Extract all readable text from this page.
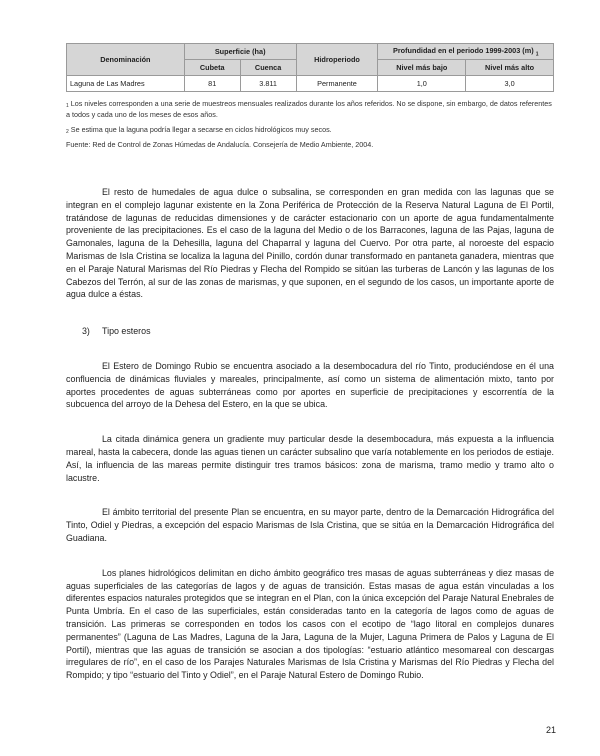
Denominación	Superficie (ha)		Hidroperiodo	Profundidad en el periodo 1999-2003 (m) $_1$
	Cubeta	Cuenca		Nivel más bajo	Nivel más alto
Laguna de Las Madres	81	3.811	Permanente	1,0	3,0

$_1$ Los niveles corresponden a una serie de muestreos mensuales realizados durante los años referidos. No se dispone, sin embargo, de datos referentes a todos y cada uno de los meses de esos años.

$_2$ Se estima que la laguna podría llegar a secarse en ciclos hidrológicos muy secos.

Fuente: Red de Control de Zonas Húmedas de Andalucía. Consejería de Medio Ambiente, 2004.

El resto de humedales de agua dulce o subsalina, se corresponden en gran medida con las lagunas que se integran en el complejo lagunar existente en la Zona Periférica de Protección de la Reserva Natural Laguna de El Portil, tratándose de lagunas de reducidas dimensiones y de carácter estacionario con un aporte de agua fundamentalmente proveniente de las precipitaciones. Es el caso de la laguna del Medio o de los Barracones, laguna de las Pajas, laguna de Gamonales, laguna de la Dehesilla, laguna del Chaparral y laguna del Cuervo. Por otra parte, al noroeste del espacio Marismas de Isla Cristina se localiza la laguna del Pinillo, cordón dunar transformado en pantaneta ganadera, mientras que en el Paraje Natural Marismas del Río Piedras y Flecha del Rompido se sitúan las turberas de Lancón y las lagunas de los Cabezos del Terrón, al sur de las zonas de marismas, y que suponen, en el segundo de los casos, un importante aporte de agua dulce a éstas.

3) Tipo esteros

El Estero de Domingo Rubio se encuentra asociado a la desembocadura del río Tinto, produciéndose en él una confluencia de dinámicas fluviales y mareales, principalmente, así como un sistema de alimentación mixto, tanto por aportes procedentes de aguas subterráneas como por aportes en superficie de precipitaciones y escorrentía de la subcuenca del arroyo de la Dehesa del Estero, en la que se ubica.

La citada dinámica genera un gradiente muy particular desde la desembocadura, más expuesta a la influencia mareal, hasta la cabecera, donde las aguas tienen un carácter subsalino que varía notablemente en los periodos de estiaje. Así, la influencia de las mareas permite distinguir tres tramos básicos: zona de marisma, tramo medio y tramo alto o lacustre.

El ámbito territorial del presente Plan se encuentra, en su mayor parte, dentro de la Demarcación Hidrográfica del Tinto, Odiel y Piedras, a excepción del espacio Marismas de Isla Cristina, que se sitúa en la Demarcación Hidrográfica del Guadiana.

Los planes hidrológicos delimitan en dicho ámbito geográfico tres masas de aguas subterráneas y diez masas de aguas superficiales de las categorías de lagos y de aguas de transición. Estas masas de agua están vinculadas a los diferentes espacios naturales protegidos que se integran en el Plan, con la única excepción del Paraje Natural Enebrales de Punta Umbría. En el caso de las superficiales, están consideradas tanto en la categoría de lagos como de aguas de transición. Las primeras se corresponden en todos los casos con el ecotipo de “lago litoral en complejos dunares permanentes” (Laguna de Las Madres, Laguna de la Jara, Laguna de la Mujer, Laguna Primera de Palos y Laguna de El Portil), mientras que las aguas de transición se asocian a dos tipologías: “estuario atlántico mesomareal con descargas irregulares de río”, en el caso de los Parajes Naturales Marismas de Isla Cristina y Marismas del Río Piedras y Flecha del Rompido; y tipo “estuario del Tinto y Odiel”, en el Paraje Natural Estero de Domingo Rubio.

21
